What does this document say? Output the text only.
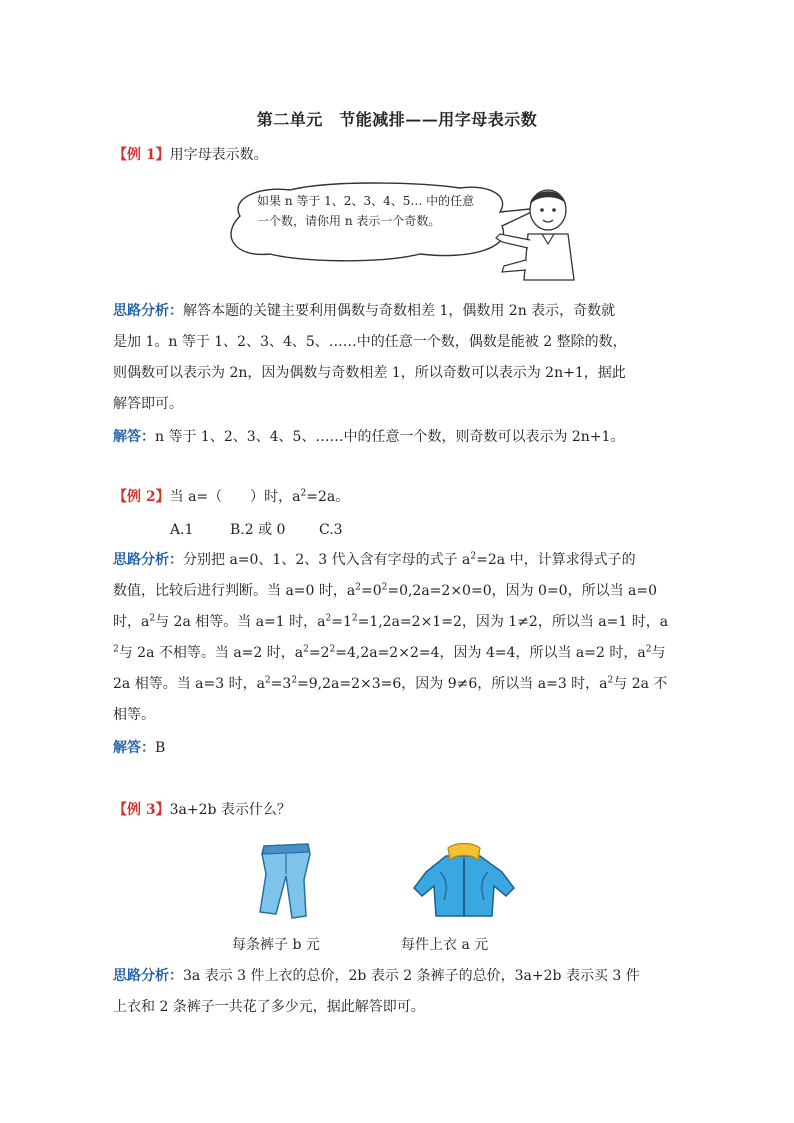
第二单元　节能减排——用字母表示数
【例 1】用字母表示数。
如果 n 等于 1、2、3、4、5… 中的任意
一个数，请你用 n 表示一个奇数。
思路分析：解答本题的关键主要利用偶数与奇数相差 1，偶数用 2n 表示，奇数就
是加 1。n 等于 1、2、3、4、5、……中的任意一个数，偶数是能被 2 整除的数，
则偶数可以表示为 2n，因为偶数与奇数相差 1，所以奇数可以表示为 2n+1，据此
解答即可。
解答：n 等于 1、2、3、4、5、……中的任意一个数，则奇数可以表示为 2n+1。
【例 2】当 a=（　　）时，$a^2=2a$。
A.1	B.2 或 0 C.3
思路分析：分别把 a=0、1、2、3 代入含有字母的式子 $a^2=2a$ 中，计算求得式子的
数值，比较后进行判断。当 a=0 时，$a^2=0^2=0,2a=2\times 0=0$，因为 0=0，所以当 a=0
时，$a^2$与 2a 相等。当 a=1 时，$a^2=1^2=1,2a=2\times 1=2$，因为 1≠2，所以当 a=1 时，a
$^2$与 2a 不相等。当 a=2 时，$a^2=2^2=4,2a=2\times 2=4$，因为 4=4，所以当 a=2 时，$a^2$与
2a 相等。当 a=3 时，$a^2=3^2=9,2a=2\times 3=6$，因为 9≠6，所以当 a=3 时，$a^2$与 2a 不
相等。
解答：B
【例 3】3a+2b 表示什么？
每条裤子 b 元	每件上衣 a 元
思路分析：3a 表示 3 件上衣的总价，2b 表示 2 条裤子的总价，3a+2b 表示买 3 件
上衣和 2 条裤子一共花了多少元，据此解答即可。
